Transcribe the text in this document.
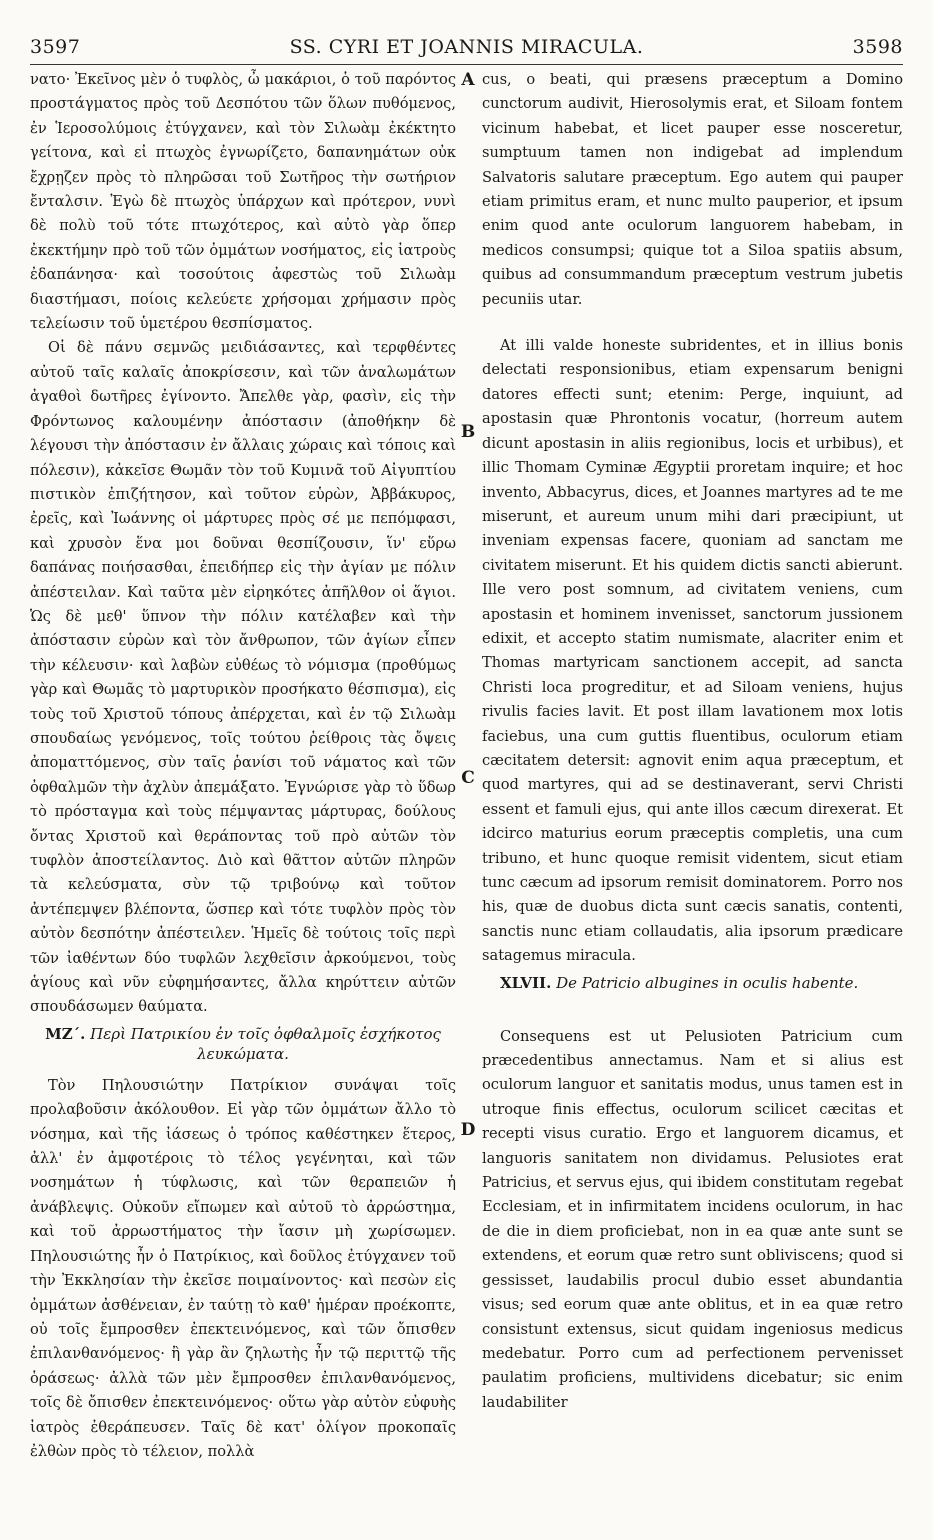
3597	SS. CYRI ET JOANNIS MIRACULA.	3598

νατο· Ἐκεῖνος μὲν ὁ τυφλὸς, ὦ μακάριοι, ὁ τοῦ παρόντος προστάγματος πρὸς τοῦ Δεσπότου τῶν ὅλων πυθόμενος, ἐν Ἱεροσολύμοις ἐτύγχανεν, καὶ τὸν Σιλωὰμ ἐκέκτητο γείτονα, καὶ εἰ πτωχὸς ἐγνωρίζετο, δαπανημάτων οὐκ ἔχρῃζεν πρὸς τὸ πληρῶσαι τοῦ Σωτῆρος τὴν σωτήριον ἔνταλσιν. Ἐγὼ δὲ πτωχὸς ὑπάρχων καὶ πρότερον, νυνὶ δὲ πολὺ τοῦ τότε πτωχότερος, καὶ αὐτὸ γὰρ ὅπερ ἐκεκτήμην πρὸ τοῦ τῶν ὀμμάτων νοσήματος, εἰς ἰατροὺς ἐδαπάνησα· καὶ τοσούτοις ἀφεστὼς τοῦ Σιλωὰμ διαστήμασι, ποίοις κελεύετε χρήσομαι χρήμασιν πρὸς τελείωσιν τοῦ ὑμετέρου θεσπίσματος.

Οἱ δὲ πάνυ σεμνῶς μειδιάσαντες, καὶ τερφθέντες αὐτοῦ ταῖς καλαῖς ἀποκρίσεσιν, καὶ τῶν ἀναλωμάτων ἀγαθοὶ δωτῆρες ἐγίνοντο. Ἄπελθε γὰρ, φασὶν, εἰς τὴν Φρόντωνος καλουμένην ἀπόστασιν (ἀποθήκην δὲ λέγουσι τὴν ἀπόστασιν ἐν ἄλλαις χώραις καὶ τόποις καὶ πόλεσιν), κἀκεῖσε Θωμᾶν τὸν τοῦ Κυμινᾶ τοῦ Αἰγυπτίου πιστικὸν ἐπιζήτησον, καὶ τοῦτον εὑρὼν, Ἀββάκυρος, ἐρεῖς, καὶ Ἰωάννης οἱ μάρτυρες πρὸς σέ με πεπόμφασι, καὶ χρυσὸν ἕνα μοι δοῦναι θεσπίζουσιν, ἵν' εὕρω δαπάνας ποιήσασθαι, ἐπειδήπερ εἰς τὴν ἁγίαν με πόλιν ἀπέστειλαν. Καὶ ταῦτα μὲν εἰρηκότες ἀπῆλθον οἱ ἅγιοι. Ὡς δὲ μεθ' ὕπνον τὴν πόλιν κατέλαβεν καὶ τὴν ἀπόστασιν εὑρὼν καὶ τὸν ἄνθρωπον, τῶν ἁγίων εἶπεν τὴν κέλευσιν· καὶ λαβὼν εὐθέως τὸ νόμισμα (προθύμως γὰρ καὶ Θωμᾶς τὸ μαρτυρικὸν προσήκατο θέσπισμα), εἰς τοὺς τοῦ Χριστοῦ τόπους ἀπέρχεται, καὶ ἐν τῷ Σιλωὰμ σπουδαίως γενόμενος, τοῖς τούτου ῥείθροις τὰς ὄψεις ἀποματτόμενος, σὺν ταῖς ῥανίσι τοῦ νάματος καὶ τῶν ὀφθαλμῶν τὴν ἀχλὺν ἀπεμάξατο. Ἐγνώρισε γὰρ τὸ ὕδωρ τὸ πρόσταγμα καὶ τοὺς πέμψαντας μάρτυρας, δούλους ὄντας Χριστοῦ καὶ θεράποντας τοῦ πρὸ αὐτῶν τὸν τυφλὸν ἀποστείλαντος. Διὸ καὶ θᾶττον αὐτῶν πληρῶν τὰ κελεύσματα, σὺν τῷ τριβούνῳ καὶ τοῦτον ἀντέπεμψεν βλέποντα, ὥσπερ καὶ τότε τυφλὸν πρὸς τὸν αὐτὸν δεσπότην ἀπέστειλεν. Ἡμεῖς δὲ τούτοις τοῖς περὶ τῶν ἰαθέντων δύο τυφλῶν λεχθεῖσιν ἀρκούμενοι, τοὺς ἁγίους καὶ νῦν εὐφημήσαντες, ἄλλα κηρύττειν αὐτῶν σπουδάσωμεν θαύματα.

ΜΖ΄. Περὶ Πατρικίου ἐν τοῖς ὀφθαλμοῖς ἐσχήκοτος λευκώματα.

Τὸν Πηλουσιώτην Πατρίκιον συνάψαι τοῖς προλαβοῦσιν ἀκόλουθον. Εἰ γὰρ τῶν ὀμμάτων ἄλλο τὸ νόσημα, καὶ τῆς ἰάσεως ὁ τρόπος καθέστηκεν ἕτερος, ἀλλ' ἐν ἀμφοτέροις τὸ τέλος γεγένηται, καὶ τῶν νοσημάτων ἡ τύφλωσις, καὶ τῶν θεραπειῶν ἡ ἀνάβλεψις. Οὐκοῦν εἴπωμεν καὶ αὐτοῦ τὸ ἀρρώστημα, καὶ τοῦ ἀρρωστήματος τὴν ἴασιν μὴ χωρίσωμεν. Πηλουσιώτης ἦν ὁ Πατρίκιος, καὶ δοῦλος ἐτύγχανεν τοῦ τὴν Ἐκκλησίαν τὴν ἐκεῖσε ποιμαίνοντος· καὶ πεσὼν εἰς ὀμμάτων ἀσθένειαν, ἐν ταύτῃ τὸ καθ' ἡμέραν προέκοπτε, οὐ τοῖς ἔμπροσθεν ἐπεκτεινόμενος, καὶ τῶν ὄπισθεν ἐπιλανθανόμενος· ἢ γὰρ ἂν ζηλωτὴς ἦν τῷ περιττῷ τῆς ὁράσεως· ἀλλὰ τῶν μὲν ἔμπροσθεν ἐπιλανθανόμενος, τοῖς δὲ ὄπισθεν ἐπεκτεινόμενος· οὕτω γὰρ αὐτὸν εὐφυὴς ἰατρὸς ἐθεράπευσεν. Ταῖς δὲ κατ' ὀλίγον προκοπαῖς ἐλθὼν πρὸς τὸ τέλειον, πολλὰ

A
B
C
D

cus, o beati, qui præsens præceptum a Domino cunctorum audivit, Hierosolymis erat, et Siloam fontem vicinum habebat, et licet pauper esse nosceretur, sumptuum tamen non indigebat ad implendum Salvatoris salutare præceptum. Ego autem qui pauper etiam primitus eram, et nunc multo pauperior, et ipsum enim quod ante oculorum languorem habebam, in medicos consumpsi; quique tot a Siloa spatiis absum, quibus ad consummandum præceptum vestrum jubetis pecuniis utar.

At illi valde honeste subridentes, et in illius bonis delectati responsionibus, etiam expensarum benigni datores effecti sunt; etenim: Perge, inquiunt, ad apostasin quæ Phrontonis vocatur, (horreum autem dicunt apostasin in aliis regionibus, locis et urbibus), et illic Thomam Cyminæ Ægyptii proretam inquire; et hoc invento, Abbacyrus, dices, et Joannes martyres ad te me miserunt, et aureum unum mihi dari præcipiunt, ut inveniam expensas facere, quoniam ad sanctam me civitatem miserunt. Et his quidem dictis sancti abierunt. Ille vero post somnum, ad civitatem veniens, cum apostasin et hominem invenisset, sanctorum jussionem edixit, et accepto statim numismate, alacriter enim et Thomas martyricam sanctionem accepit, ad sancta Christi loca progreditur, et ad Siloam veniens, hujus rivulis facies lavit. Et post illam lavationem mox lotis faciebus, una cum guttis fluentibus, oculorum etiam cæcitatem detersit: agnovit enim aqua præceptum, et quod martyres, qui ad se destinaverant, servi Christi essent et famuli ejus, qui ante illos cæcum direxerat. Et idcirco maturius eorum præceptis completis, una cum tribuno, et hunc quoque remisit videntem, sicut etiam tunc cæcum ad ipsorum remisit dominatorem. Porro nos his, quæ de duobus dicta sunt cæcis sanatis, contenti, sanctis nunc etiam collaudatis, alia ipsorum prædicare satagemus miracula.

XLVII. De Patricio albugines in oculis habente.

Consequens est ut Pelusioten Patricium cum præcedentibus annectamus. Nam et si alius est oculorum languor et sanitatis modus, unus tamen est in utroque finis effectus, oculorum scilicet cæcitas et recepti visus curatio. Ergo et languorem dicamus, et languoris sanitatem non dividamus. Pelusiotes erat Patricius, et servus ejus, qui ibidem constitutam regebat Ecclesiam, et in infirmitatem incidens oculorum, in hac de die in diem proficiebat, non in ea quæ ante sunt se extendens, et eorum quæ retro sunt obliviscens; quod si gessisset, laudabilis procul dubio esset abundantia visus; sed eorum quæ ante oblitus, et in ea quæ retro consistunt extensus, sicut quidam ingeniosus medicus medebatur. Porro cum ad perfectionem pervenisset paulatim proficiens, multividens dicebatur; sic enim laudabiliter
